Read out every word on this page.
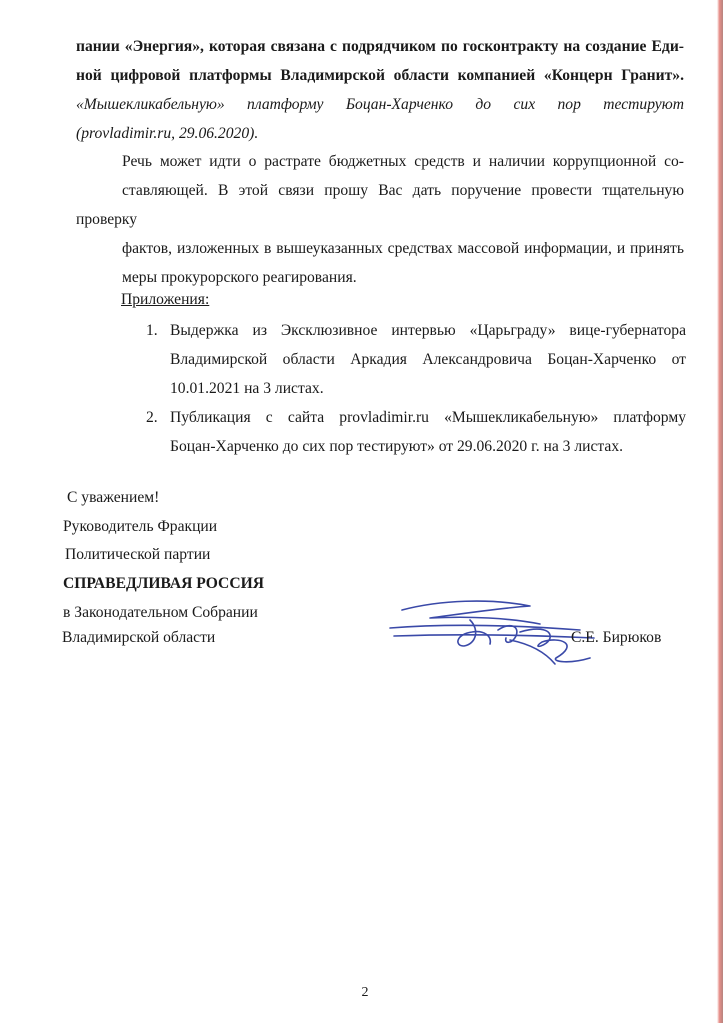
пании «Энергия», которая связана с подрядчиком по госконтракту на создание Еди-
ной цифровой платформы Владимирской области компанией «Концерн Гранит».
«Мышекликабельную» платформу Боцан-Харченко до сих пор тестируют
(provladimir.ru, 29.06.2020).
Речь может идти о растрате бюджетных средств и наличии коррупционной со-
ставляющей. В этой связи прошу Вас дать поручение провести тщательную проверку
фактов, изложенных в вышеуказанных средствах массовой информации, и принять
меры прокурорского реагирования.

Приложения:

1. Выдержка из Эксклюзивное интервью «Царьграду» вице-губернатора
Владимирской области Аркадия Александровича Боцан-Харченко от
10.01.2021 на 3 листах.
2. Публикация с сайта provladimir.ru «Мышекликабельную» платформу
Боцан-Харченко до сих пор тестируют» от 29.06.2020 г. на 3 листах.

С уважением!

Руководитель Фракции

Политической партии

СПРАВЕДЛИВАЯ РОССИЯ

в Законодательном Собрании

Владимирской области	С.Е. Бирюков
2
